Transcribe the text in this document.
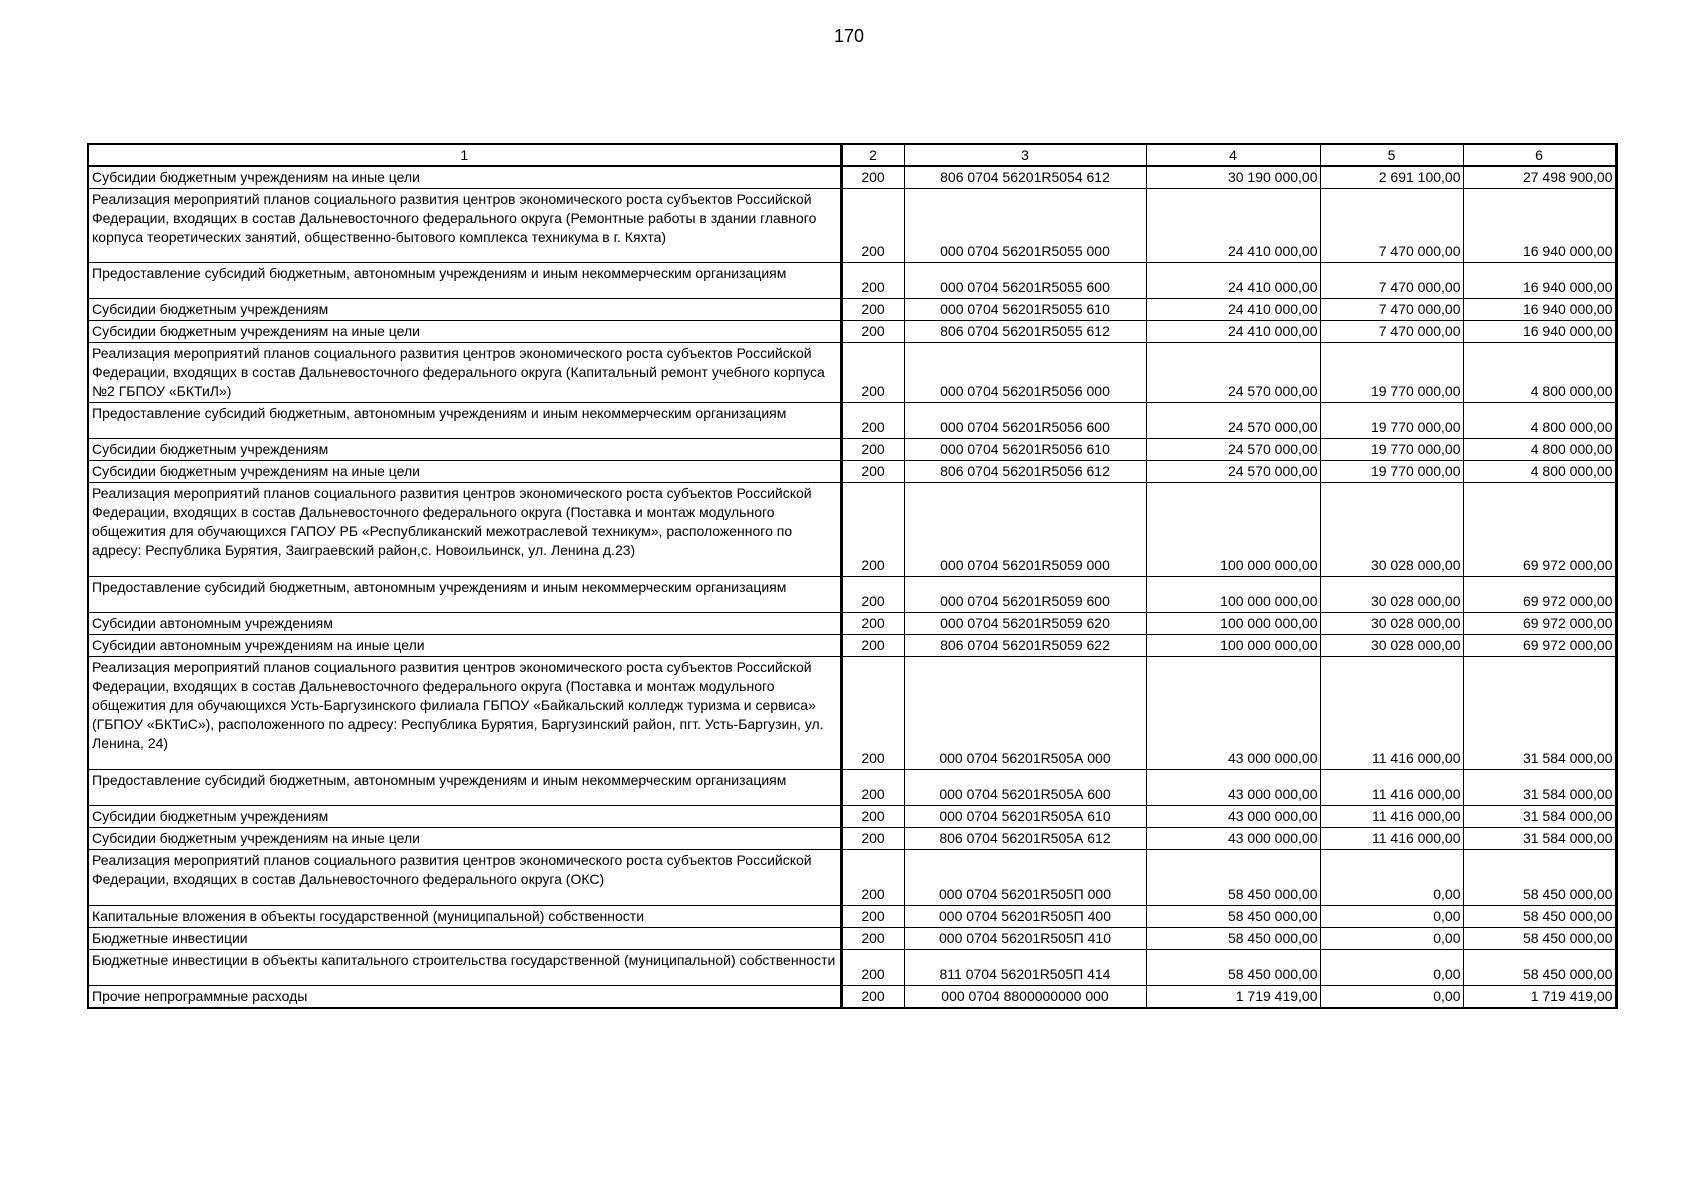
170
1	2	3	4	5	6
Субсидии бюджетным учреждениям на иные цели	200	806 0704 56201R5054 612	30 190 000,00	2 691 100,00	27 498 900,00
Реализация мероприятий планов социального развития центров экономического роста субъектов Российской Федерации, входящих в состав Дальневосточного федерального округа (Ремонтные работы в здании главного корпуса теоретических занятий, общественно-бытового комплекса техникума в г. Кяхта)	200	000 0704 56201R5055 000	24 410 000,00	7 470 000,00	16 940 000,00
Предоставление субсидий бюджетным, автономным учреждениям и иным некоммерческим организациям	200	000 0704 56201R5055 600	24 410 000,00	7 470 000,00	16 940 000,00
Субсидии бюджетным учреждениям	200	000 0704 56201R5055 610	24 410 000,00	7 470 000,00	16 940 000,00
Субсидии бюджетным учреждениям на иные цели	200	806 0704 56201R5055 612	24 410 000,00	7 470 000,00	16 940 000,00
Реализация мероприятий планов социального развития центров экономического роста субъектов Российской Федерации, входящих в состав Дальневосточного федерального округа (Капитальный ремонт учебного корпуса №2 ГБПОУ «БКТиЛ»)	200	000 0704 56201R5056 000	24 570 000,00	19 770 000,00	4 800 000,00
Предоставление субсидий бюджетным, автономным учреждениям и иным некоммерческим организациям	200	000 0704 56201R5056 600	24 570 000,00	19 770 000,00	4 800 000,00
Субсидии бюджетным учреждениям	200	000 0704 56201R5056 610	24 570 000,00	19 770 000,00	4 800 000,00
Субсидии бюджетным учреждениям на иные цели	200	806 0704 56201R5056 612	24 570 000,00	19 770 000,00	4 800 000,00
Реализация мероприятий планов социального развития центров экономического роста субъектов Российской Федерации, входящих в состав Дальневосточного федерального округа (Поставка и монтаж модульного общежития для обучающихся ГАПОУ РБ «Республиканский межотраслевой техникум», расположенного по адресу: Республика Бурятия, Заиграевский район,с. Новоильинск, ул. Ленина д.23)	200	000 0704 56201R5059 000	100 000 000,00	30 028 000,00	69 972 000,00
Предоставление субсидий бюджетным, автономным учреждениям и иным некоммерческим организациям	200	000 0704 56201R5059 600	100 000 000,00	30 028 000,00	69 972 000,00
Субсидии автономным учреждениям	200	000 0704 56201R5059 620	100 000 000,00	30 028 000,00	69 972 000,00
Субсидии автономным учреждениям на иные цели	200	806 0704 56201R5059 622	100 000 000,00	30 028 000,00	69 972 000,00
Реализация мероприятий планов социального развития центров экономического роста субъектов Российской Федерации, входящих в состав Дальневосточного федерального округа (Поставка и монтаж модульного общежития для обучающихся Усть-Баргузинского филиала ГБПОУ «Байкальский колледж туризма и сервиса» (ГБПОУ «БКТиС»), расположенного по адресу: Республика Бурятия, Баргузинский район, пгт. Усть-Баргузин, ул. Ленина, 24)	200	000 0704 56201R505А 000	43 000 000,00	11 416 000,00	31 584 000,00
Предоставление субсидий бюджетным, автономным учреждениям и иным некоммерческим организациям	200	000 0704 56201R505А 600	43 000 000,00	11 416 000,00	31 584 000,00
Субсидии бюджетным учреждениям	200	000 0704 56201R505А 610	43 000 000,00	11 416 000,00	31 584 000,00
Субсидии бюджетным учреждениям на иные цели	200	806 0704 56201R505А 612	43 000 000,00	11 416 000,00	31 584 000,00
Реализация мероприятий планов социального развития центров экономического роста субъектов Российской Федерации, входящих в состав Дальневосточного федерального округа (ОКС)	200	000 0704 56201R505П 000	58 450 000,00	0,00	58 450 000,00
Капитальные вложения в объекты государственной (муниципальной) собственности	200	000 0704 56201R505П 400	58 450 000,00	0,00	58 450 000,00
Бюджетные инвестиции	200	000 0704 56201R505П 410	58 450 000,00	0,00	58 450 000,00
Бюджетные инвестиции в объекты капитального строительства государственной (муниципальной) собственности	200	811 0704 56201R505П 414	58 450 000,00	0,00	58 450 000,00
Прочие непрограммные расходы	200	000 0704 8800000000 000	1 719 419,00	0,00	1 719 419,00
